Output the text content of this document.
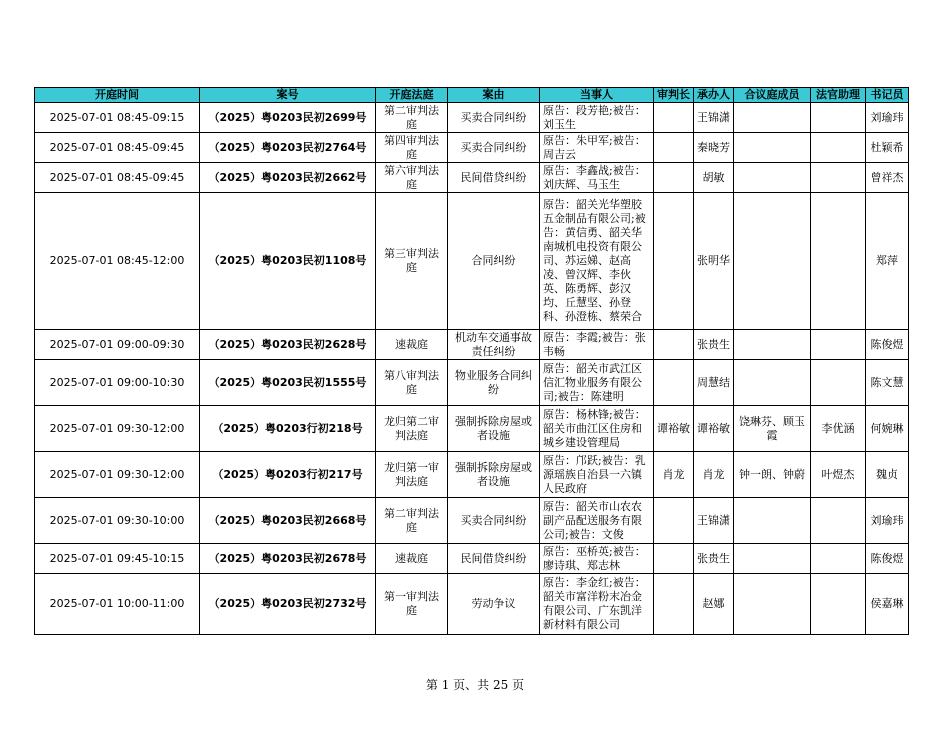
开庭时间	案号	开庭法庭	案由	当事人	审判长	承办人	合议庭成员	法官助理	书记员
2025-07-01 08:45-09:15	（2025）粤0203民初2699号	第二审判法庭	买卖合同纠纷	原告：段芳艳;被告：刘玉生		王锦潇			刘瑜玮
2025-07-01 08:45-09:45	（2025）粤0203民初2764号	第四审判法庭	买卖合同纠纷	原告：朱甲军;被告：周吉云		秦晓芳			杜颖希
2025-07-01 08:45-09:45	（2025）粤0203民初2662号	第六审判法庭	民间借贷纠纷	原告：李鑫战;被告：刘庆辉、马玉生		胡敏			曾祥杰
2025-07-01 08:45-12:00	（2025）粤0203民初1108号	第三审判法庭	合同纠纷	原告：韶关光华塑胶五金制品有限公司;被告：黄信勇、韶关华南城机电投资有限公司、苏运娣、赵高凌、曾汉辉、李伙英、陈勇辉、彭汉均、丘慧坚、孙登科、孙澄栋、蔡荣合		张明华			郑萍
2025-07-01 09:00-09:30	（2025）粤0203民初2628号	速裁庭	机动车交通事故责任纠纷	原告：李霞;被告：张韦畅		张贵生			陈俊煜
2025-07-01 09:00-10:30	（2025）粤0203民初1555号	第八审判法庭	物业服务合同纠纷	原告：韶关市武江区信汇物业服务有限公司;被告：陈建明		周慧结			陈文慧
2025-07-01 09:30-12:00	（2025）粤0203行初218号	龙归第二审判法庭	强制拆除房屋或者设施	原告：杨林锋;被告：韶关市曲江区住房和城乡建设管理局	谭裕敏	谭裕敏	饶琳芬、顾玉霞	李优涵	何婉琳
2025-07-01 09:30-12:00	（2025）粤0203行初217号	龙归第一审判法庭	强制拆除房屋或者设施	原告：邝跃;被告：乳源瑶族自治县一六镇人民政府	肖龙	肖龙	钟一朗、钟蔚	叶煜杰	魏贞
2025-07-01 09:30-10:00	（2025）粤0203民初2668号	第二审判法庭	买卖合同纠纷	原告：韶关市山农农副产品配送服务有限公司;被告：文俊		王锦潇			刘瑜玮
2025-07-01 09:45-10:15	（2025）粤0203民初2678号	速裁庭	民间借贷纠纷	原告：巫桥英;被告：廖诗琪、郑志林		张贵生			陈俊煜
2025-07-01 10:00-11:00	（2025）粤0203民初2732号	第一审判法庭	劳动争议	原告：李金红;被告：韶关市富洋粉末冶金有限公司、广东凯洋新材料有限公司		赵娜			侯嘉琳
第 1 页、共 25 页
